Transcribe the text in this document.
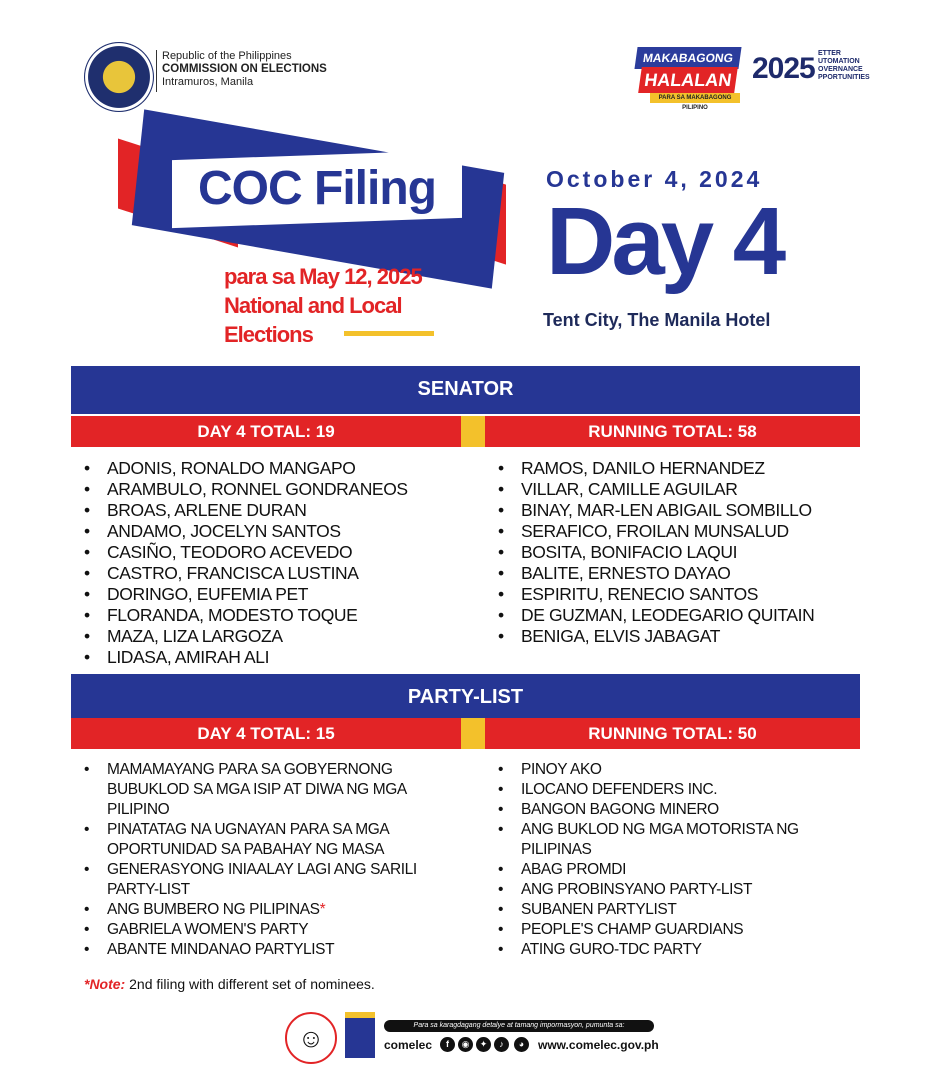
Republic of the Philippines
COMMISSION ON ELECTIONS
Intramuros, Manila
MAKABAGONG
HALALAN
PARA SA MAKABAGONG PILIPINO
2025 ETTER
UTOMATION
OVERNANCE
PPORTUNITIES
COC Filing
para sa May 12, 2025
National and Local
Elections
October 4, 2024
Day 4
Tent City, The Manila Hotel
SENATOR
DAY 4 TOTAL: 19	RUNNING TOTAL: 58
• ADONIS, RONALDO MANGAPO
• ARAMBULO, RONNEL GONDRANEOS
• BROAS, ARLENE DURAN
• ANDAMO, JOCELYN SANTOS
• CASIÑO, TEODORO ACEVEDO
• CASTRO, FRANCISCA LUSTINA
• DORINGO, EUFEMIA PET
• FLORANDA, MODESTO TOQUE
• MAZA, LIZA LARGOZA
• LIDASA, AMIRAH ALI
• RAMOS, DANILO HERNANDEZ
• VILLAR, CAMILLE AGUILAR
• BINAY, MAR-LEN ABIGAIL SOMBILLO
• SERAFICO, FROILAN MUNSALUD
• BOSITA, BONIFACIO LAQUI
• BALITE, ERNESTO DAYAO
• ESPIRITU, RENECIO SANTOS
• DE GUZMAN, LEODEGARIO QUITAIN
• BENIGA, ELVIS JABAGAT
PARTY-LIST
DAY 4 TOTAL: 15	RUNNING TOTAL: 50
• MAMAMAYANG PARA SA GOBYERNONG BUBUKLOD SA MGA ISIP AT DIWA NG MGA PILIPINO
• PINATATAG NA UGNAYAN PARA SA MGA OPORTUNIDAD SA PABAHAY NG MASA
• GENERASYONG INIAALAY LAGI ANG SARILI PARTY-LIST
• ANG BUMBERO NG PILIPINAS*
• GABRIELA WOMEN'S PARTY
• ABANTE MINDANAO PARTYLIST
• PINOY AKO
• ILOCANO DEFENDERS INC.
• BANGON BAGONG MINERO
• ANG BUKLOD NG MGA MOTORISTA NG PILIPINAS
• ABAG PROMDI
• ANG PROBINSYANO PARTY-LIST
• SUBANEN PARTYLIST
• PEOPLE'S CHAMP GUARDIANS
• ATING GURO-TDC PARTY
*Note: 2nd filing with different set of nominees.
☺	Para sa karagdagang detalye at tamang impormasyon, pumunta sa:
comelec	f	◉	✦	♪	◕	www.comelec.gov.ph
